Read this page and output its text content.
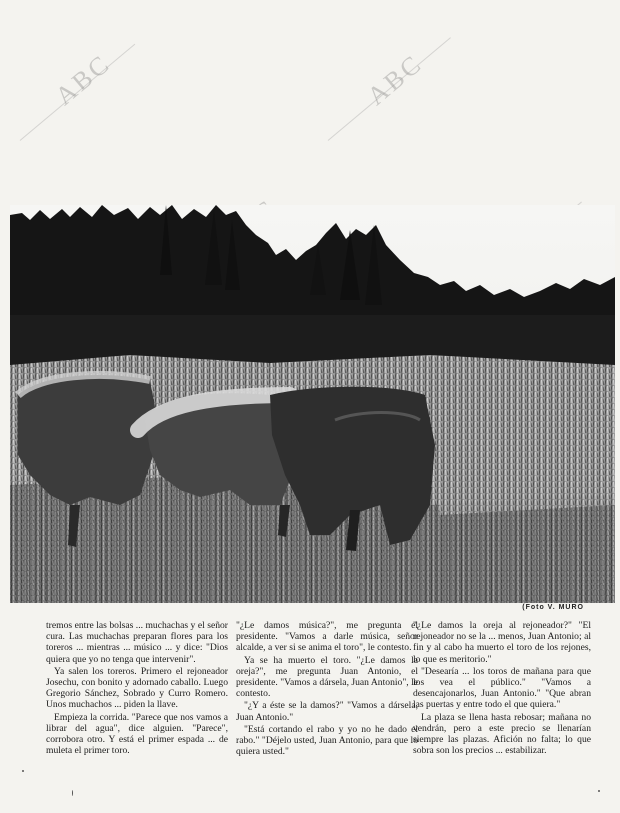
ABC	ABC
(Foto V. MURO

tremos entre las bolsas ... muchachas y el señor cura. Las muchachas preparan flores para los toreros ... mientras ... músico ... y dice: "Dios quiera que yo no tenga que intervenir".

Ya salen los toreros. Primero el rejoneador Josechu, con bonito y adornado caballo. Luego Gregorio Sánchez, Sobrado y Curro Romero. Unos muchachos ... piden la llave.

Empieza la corrida. "Parece que nos vamos a librar del agua", dice alguien. "Parece", corrobora otro. Y está el primer espada ... de muleta el primer toro.

"¿Le damos música?", me pregunta el presidente. "Vamos a darle música, señor alcalde, a ver si se anima el toro", le contesto.

Ya se ha muerto el toro. "¿Le damos la oreja?", me pregunta Juan Antonio, el presidente. "Vamos a dársela, Juan Antonio", le contesto.

"¿Y a éste se la damos?" "Vamos a dársela, Juan Antonio."

"Está cortando el rabo y yo no he dado el rabo." "Déjelo usted, Juan Antonio, para que lo quiera usted."

"¿Le damos la oreja al rejoneador?" "El rejoneador no se la ... menos, Juan Antonio; al fin y al cabo ha muerto el toro de los rejones, lo que es meritorio."

"Desearía ... los toros de mañana para que los vea el público." "Vamos a desencajonarlos, Juan Antonio." "Que abran las puertas y entre todo el que quiera."

La plaza se llena hasta rebosar; mañana no vendrán, pero a este precio se llenarían siempre las plazas. Afición no falta; lo que sobra son los precios ... estabilizar.
